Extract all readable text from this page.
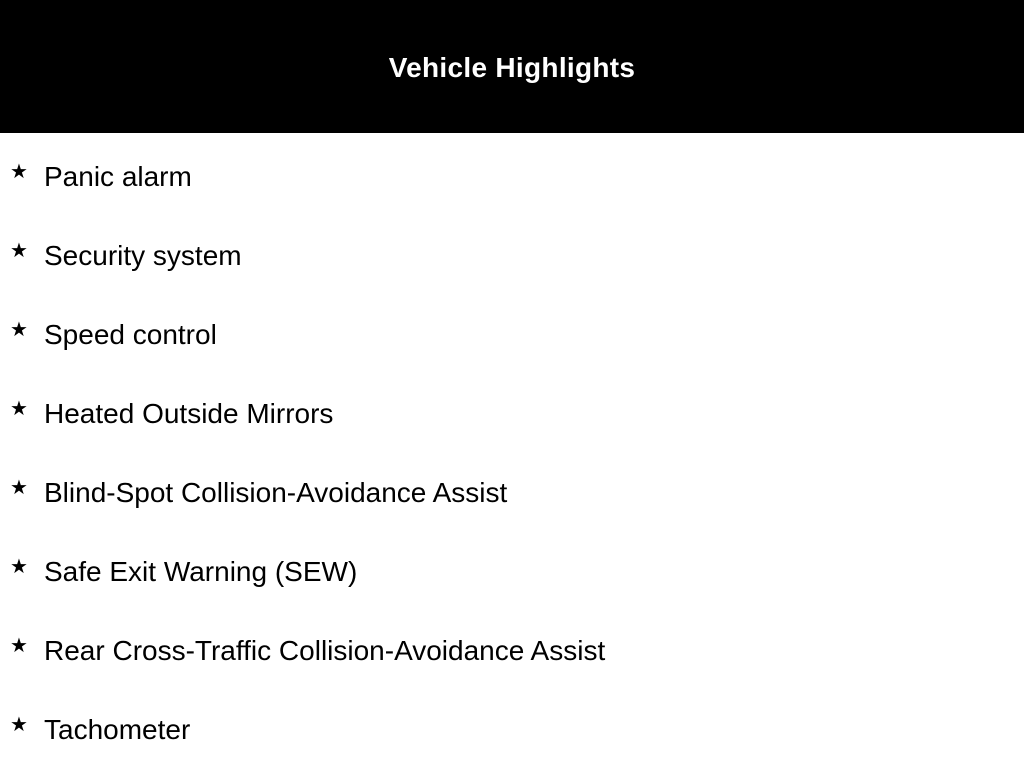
Vehicle Highlights
★ Panic alarm
★ Security system
★ Speed control
★ Heated Outside Mirrors
★ Blind-Spot Collision-Avoidance Assist
★ Safe Exit Warning (SEW)
★ Rear Cross-Traffic Collision-Avoidance Assist
★ Tachometer
